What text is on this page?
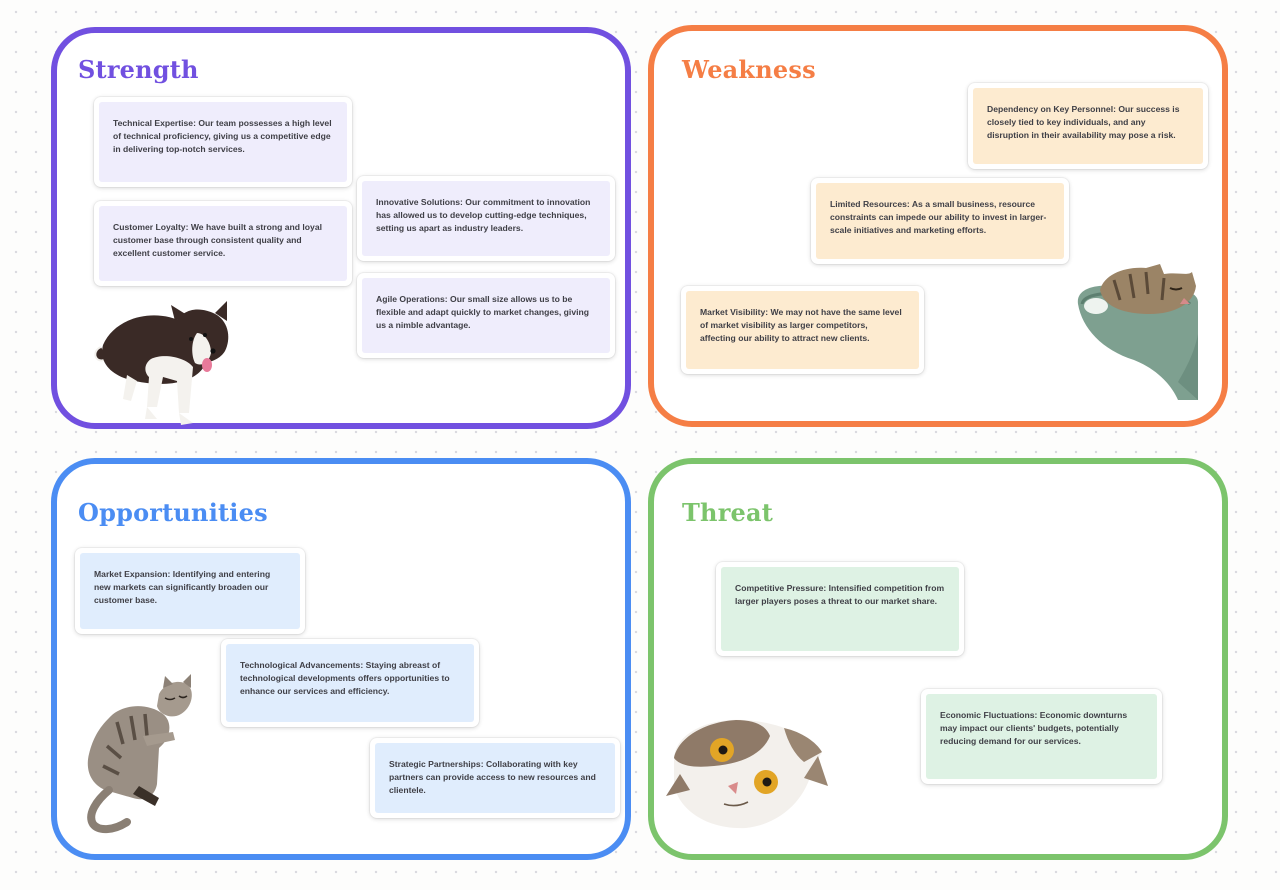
Strength
Technical Expertise: Our team possesses a high level of technical proficiency, giving us a competitive edge in delivering top-notch services.
Innovative Solutions: Our commitment to innovation has allowed us to develop cutting-edge techniques, setting us apart as industry leaders.
Customer Loyalty: We have built a strong and loyal customer base through consistent quality and excellent customer service.
Agile Operations: Our small size allows us to be flexible and adapt quickly to market changes, giving us a nimble advantage.
Weakness
Dependency on Key Personnel: Our success is closely tied to key individuals, and any disruption in their availability may pose a risk.
Limited Resources: As a small business, resource constraints can impede our ability to invest in larger-scale initiatives and marketing efforts.
Market Visibility: We may not have the same level of market visibility as larger competitors, affecting our ability to attract new clients.
Opportunities
Market Expansion: Identifying and entering new markets can significantly broaden our customer base.
Technological Advancements: Staying abreast of technological developments offers opportunities to enhance our services and efficiency.
Strategic Partnerships: Collaborating with key partners can provide access to new resources and clientele.
Threat
Competitive Pressure: Intensified competition from larger players poses a threat to our market share.
Economic Fluctuations: Economic downturns may impact our clients' budgets, potentially reducing demand for our services.
